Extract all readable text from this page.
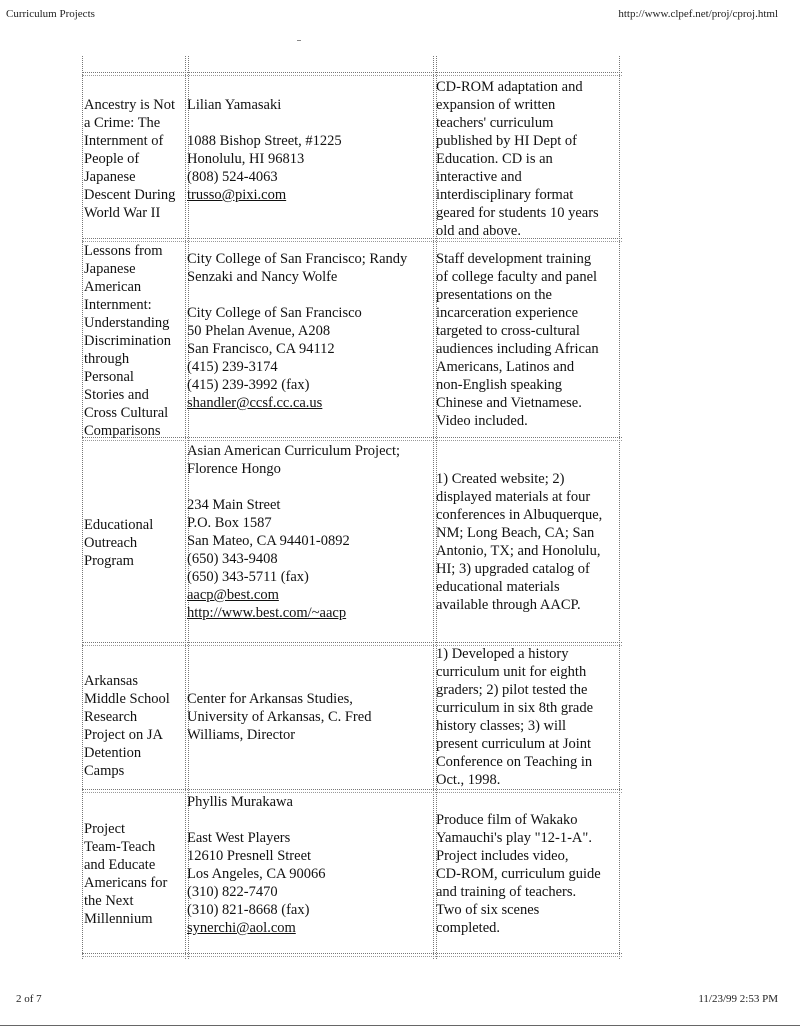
Curriculum Projects	http://www.clpef.net/proj/cproj.html
Ancestry is Not
a Crime: The
Internment of
People of
Japanese
Descent During
World War II
Lilian Yamasaki

1088 Bishop Street, #1225
Honolulu, HI 96813
(808) 524-4063
trusso@pixi.com
CD-ROM adaptation and
expansion of written
teachers' curriculum
published by HI Dept of
Education. CD is an
interactive and
interdisciplinary format
geared for students 10 years
old and above.
Lessons from
Japanese
American
Internment:
Understanding
Discrimination
through
Personal
Stories and
Cross Cultural
Comparisons
City College of San Francisco; Randy
Senzaki and Nancy Wolfe

City College of San Francisco
50 Phelan Avenue, A208
San Francisco, CA 94112
(415) 239-3174
(415) 239-3992 (fax)
shandler@ccsf.cc.ca.us
Staff development training
of college faculty and panel
presentations on the
incarceration experience
targeted to cross-cultural
audiences including African
Americans, Latinos and
non-English speaking
Chinese and Vietnamese.
Video included.
Educational
Outreach
Program
Asian American Curriculum Project;
Florence Hongo

234 Main Street
P.O. Box 1587
San Mateo, CA 94401-0892
(650) 343-9408
(650) 343-5711 (fax)
aacp@best.com
http://www.best.com/~aacp
1) Created website; 2)
displayed materials at four
conferences in Albuquerque,
NM; Long Beach, CA; San
Antonio, TX; and Honolulu,
HI; 3) upgraded catalog of
educational materials
available through AACP.
Arkansas
Middle School
Research
Project on JA
Detention
Camps
Center for Arkansas Studies,
University of Arkansas, C. Fred
Williams, Director
1) Developed a history
curriculum unit for eighth
graders; 2) pilot tested the
curriculum in six 8th grade
history classes; 3) will
present curriculum at Joint
Conference on Teaching in
Oct., 1998.
Project
Team-Teach
and Educate
Americans for
the Next
Millennium
Phyllis Murakawa

East West Players
12610 Presnell Street
Los Angeles, CA 90066
(310) 822-7470
(310) 821-8668 (fax)
synerchi@aol.com
Produce film of Wakako
Yamauchi's play "12-1-A".
Project includes video,
CD-ROM, curriculum guide
and training of teachers.
Two of six scenes
completed.
2 of 7	11/23/99 2:53 PM
